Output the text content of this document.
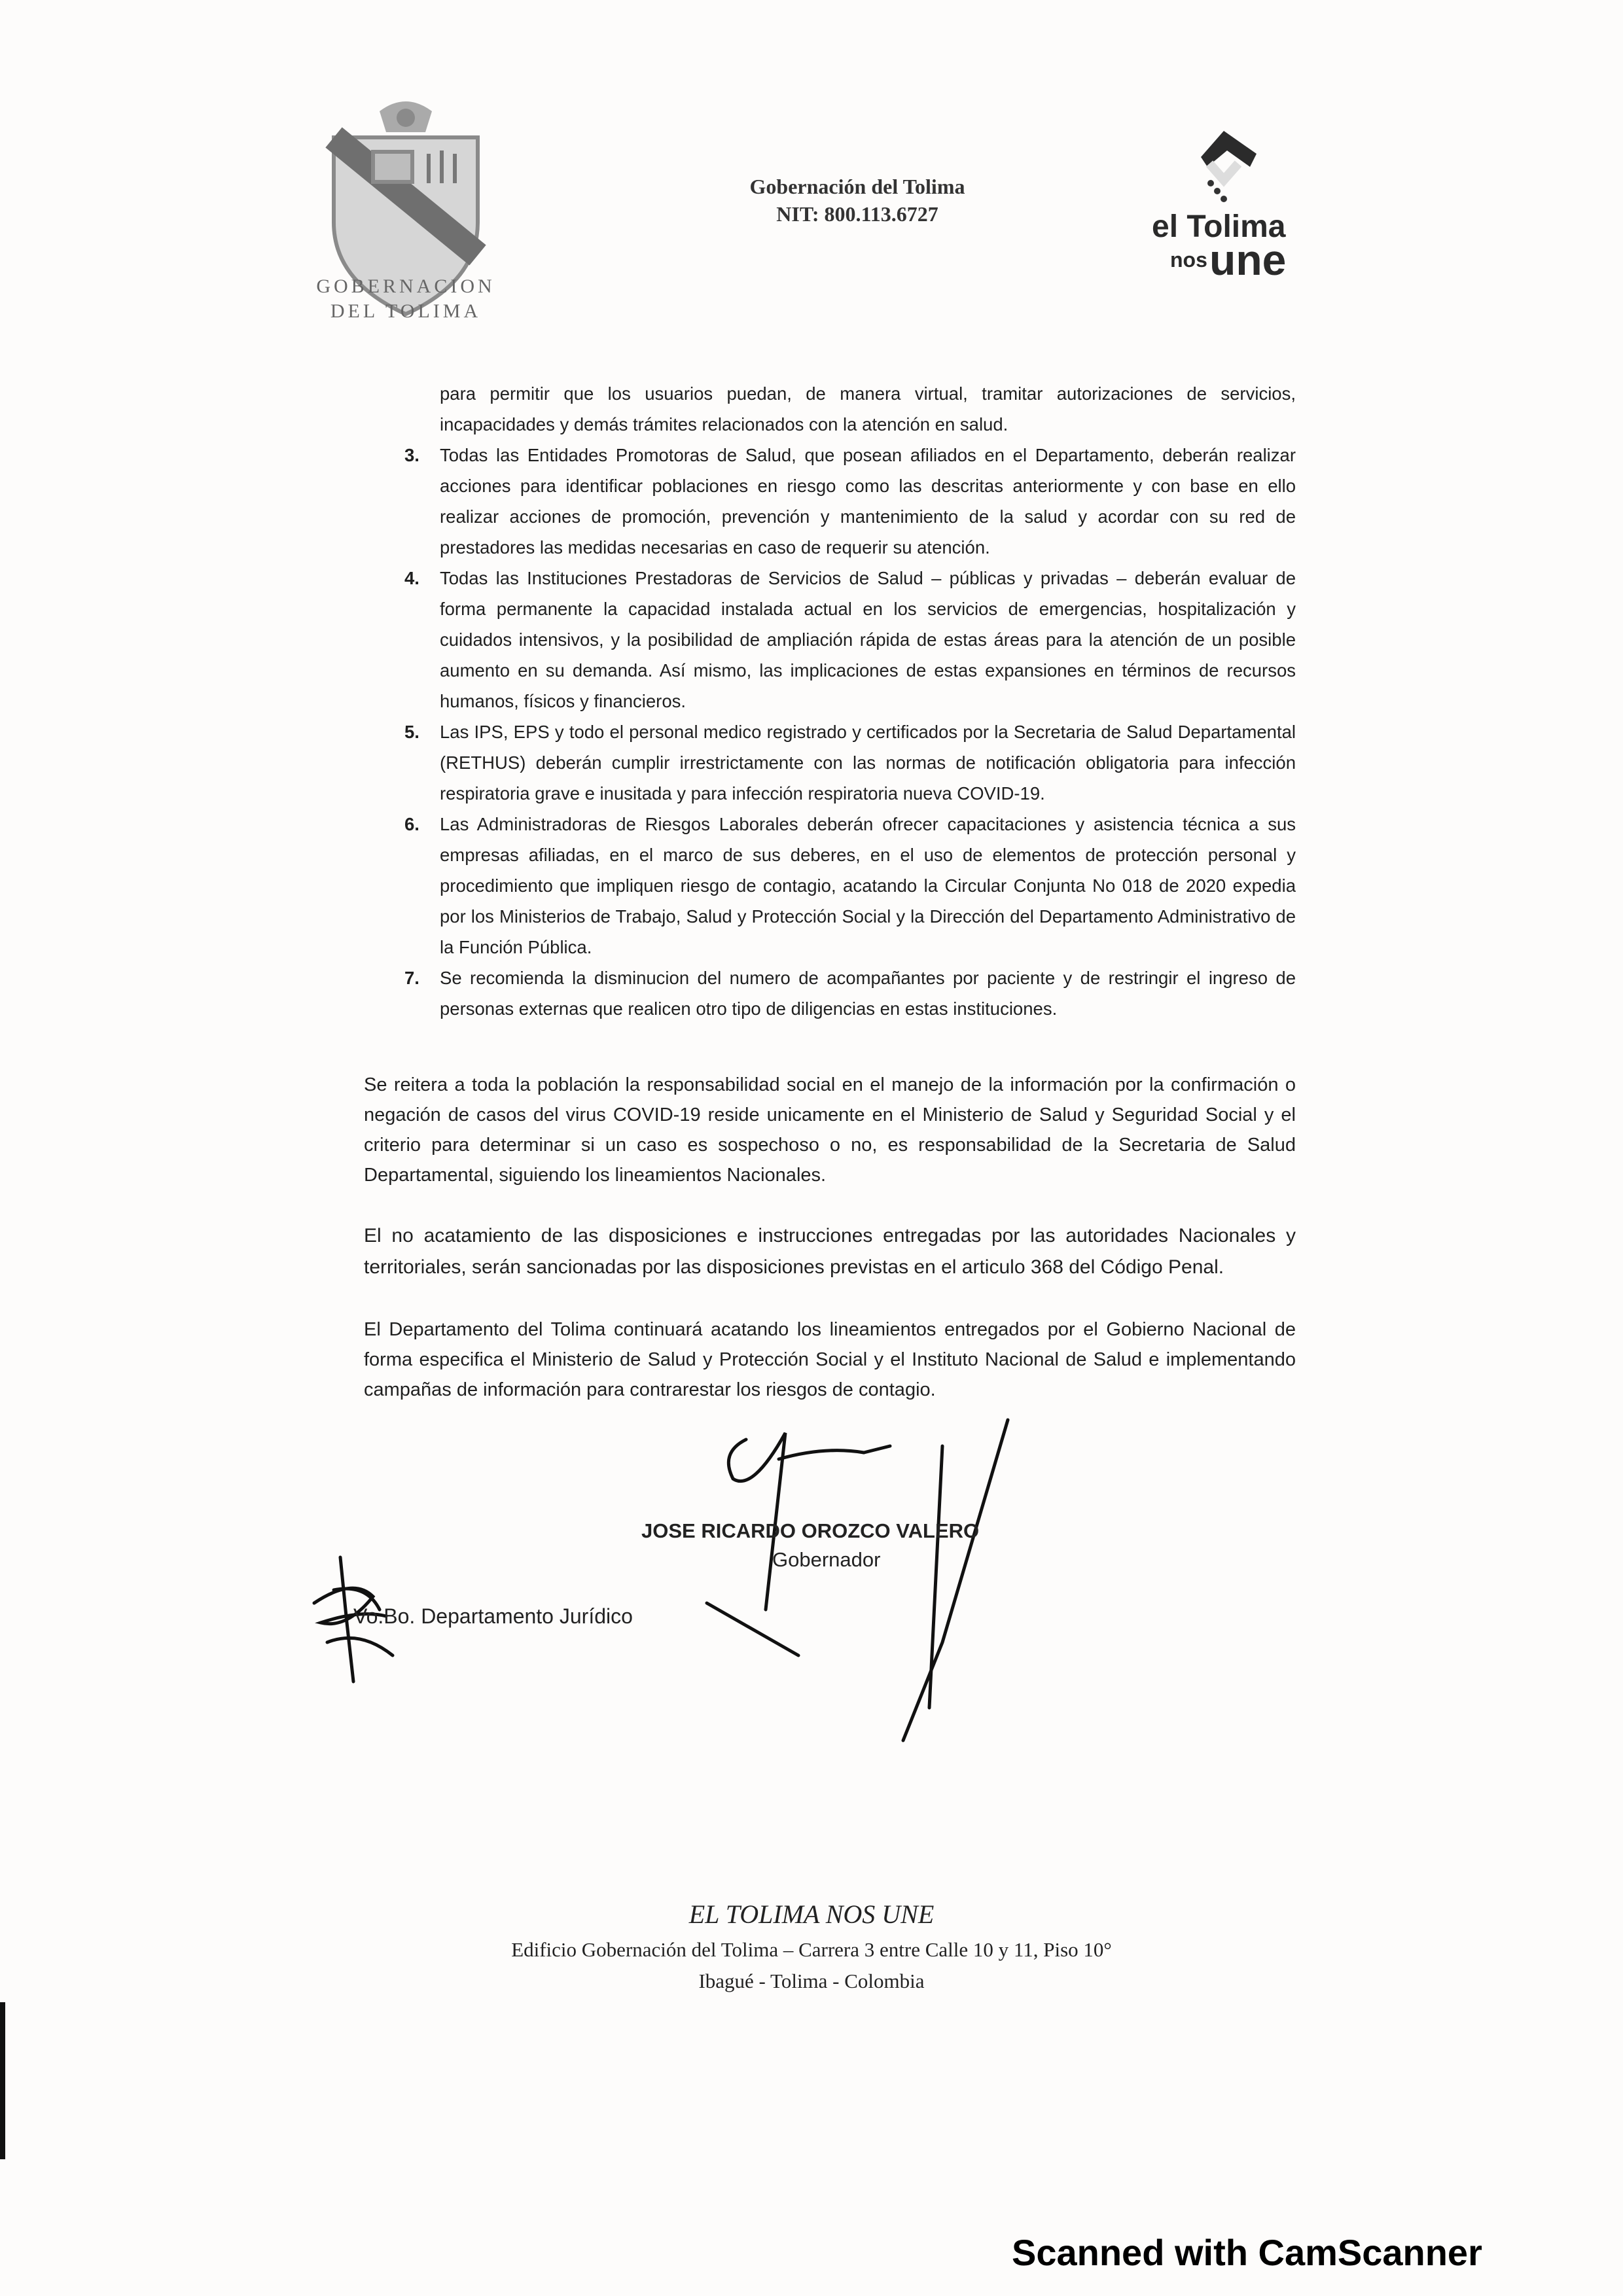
GOBERNACION
DEL TOLIMA
Gobernación del Tolima
NIT: 800.113.6727	el Tolima
nos une
para permitir que los usuarios puedan, de manera virtual, tramitar autorizaciones de servicios, incapacidades y demás trámites relacionados con la atención en salud.
3. Todas las Entidades Promotoras de Salud, que posean afiliados en el Departamento, deberán realizar acciones para identificar poblaciones en riesgo como las descritas anteriormente y con base en ello realizar acciones de promoción, prevención y mantenimiento de la salud y acordar con su red de prestadores las medidas necesarias en caso de requerir su atención.
4. Todas las Instituciones Prestadoras de Servicios de Salud – públicas y privadas – deberán evaluar de forma permanente la capacidad instalada actual en los servicios de emergencias, hospitalización y cuidados intensivos, y la posibilidad de ampliación rápida de estas áreas para la atención de un posible aumento en su demanda. Así mismo, las implicaciones de estas expansiones en términos de recursos humanos, físicos y financieros.
5. Las IPS, EPS y todo el personal medico registrado y certificados por la Secretaria de Salud Departamental (RETHUS) deberán cumplir irrestrictamente con las normas de notificación obligatoria para infección respiratoria grave e inusitada y para infección respiratoria nueva COVID-19.
6. Las Administradoras de Riesgos Laborales deberán ofrecer capacitaciones y asistencia técnica a sus empresas afiliadas, en el marco de sus deberes, en el uso de elementos de protección personal y procedimiento que impliquen riesgo de contagio, acatando la Circular Conjunta No 018 de 2020 expedia por los Ministerios de Trabajo, Salud y Protección Social y la Dirección del Departamento Administrativo de la Función Pública.
7. Se recomienda la disminucion del numero de acompañantes por paciente y de restringir el ingreso de personas externas que realicen otro tipo de diligencias en estas instituciones.
Se reitera a toda la población la responsabilidad social en el manejo de la información por la confirmación o negación de casos del virus COVID-19 reside unicamente en el Ministerio de Salud y Seguridad Social y el criterio para determinar si un caso es sospechoso o no, es responsabilidad de la Secretaria de Salud Departamental, siguiendo los lineamientos Nacionales.
El no acatamiento de las disposiciones e instrucciones entregadas por las autoridades Nacionales y territoriales, serán sancionadas por las disposiciones previstas en el articulo 368 del Código Penal.
El Departamento del Tolima continuará acatando los lineamientos entregados por el Gobierno Nacional de forma especifica el Ministerio de Salud y Protección Social y el Instituto Nacional de Salud e implementando campañas de información para contrarestar los riesgos de contagio.
JOSE RICARDO OROZCO VALERO
Gobernador
Vo.Bo. Departamento Jurídico
EL TOLIMA NOS UNE
Edificio Gobernación del Tolima – Carrera 3 entre Calle 10 y 11, Piso 10°
Ibagué - Tolima - Colombia
Scanned with CamScanner
